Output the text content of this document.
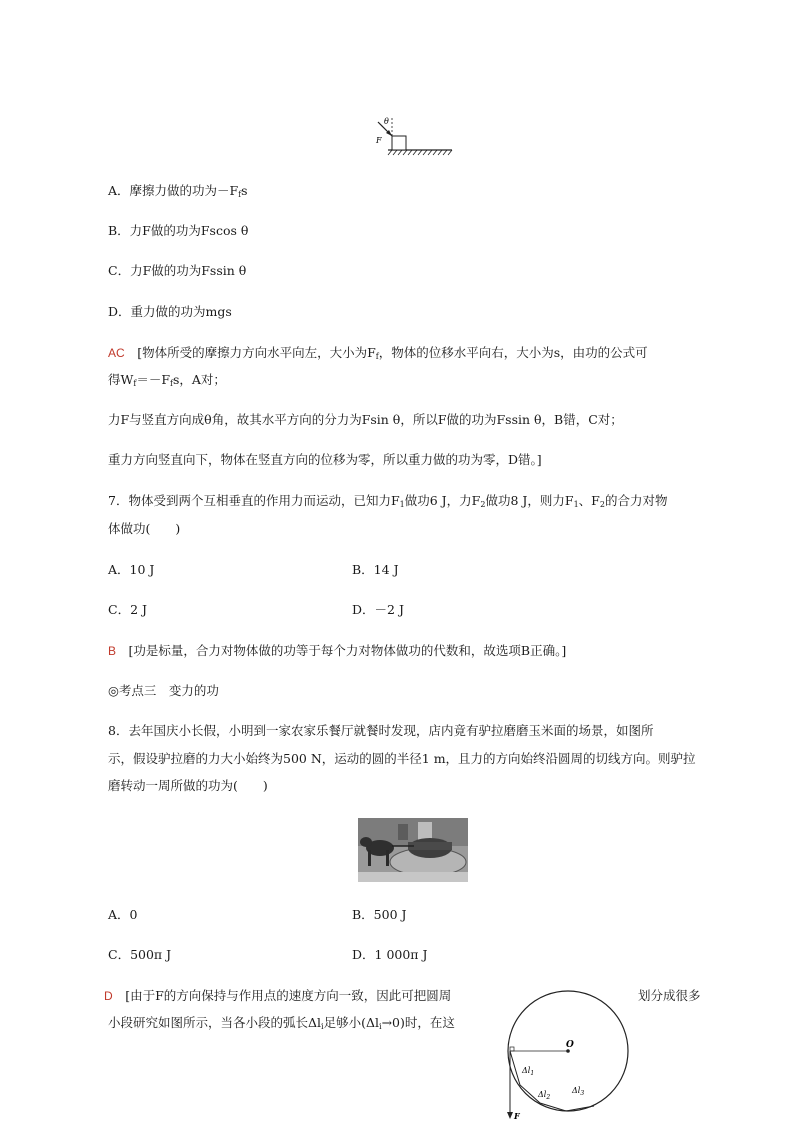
θ
F
A．摩擦力做的功为$-F_fs$
B．力F做的功为Fscos θ
C．力F做的功为Fssin θ
D．重力做的功为mgs
AC　 [物体所受的摩擦力方向水平向左，大小为$F_f$，物体的位移水平向右，大小为s，由功的公式可
得$W_f=-F_fs$，A对；
力F与竖直方向成θ角，故其水平方向的分力为Fsin θ，所以F做的功为Fssin θ，B错，C对；
重力方向竖直向下，物体在竖直方向的位移为零，所以重力做的功为零，D错。]
7．物体受到两个互相垂直的作用力而运动，已知力$F_1$做功6 J，力$F_2$做功8 J，则力$F_1$、$F_2$的合力对物
体做功(　　)
A．10 J	B．14 J
C．2 J	D．－2 J
B　 [功是标量，合力对物体做的功等于每个力对物体做功的代数和，故选项B正确。]
◎考点三　变力的功
8．去年国庆小长假，小明到一家农家乐餐厅就餐时发现，店内竟有驴拉磨磨玉米面的场景，如图所
示，假设驴拉磨的力大小始终为500 N，运动的圆的半径1 m，且力的方向始终沿圆周的切线方向。则驴拉
磨转动一周所做的功为(　　)
A．0	B．500 J
C．500π J	D．1 000π J
D　 [由于F的方向保持与作用点的速度方向一致，因此可把圆周	划分成很多
小段研究如图所示，当各小段的弧长$\Delta l_i$足够小$(\Delta l_i\to 0)$时，在这
O
$\Delta l_1$
$\Delta l_2$
$\Delta l_3$
F
